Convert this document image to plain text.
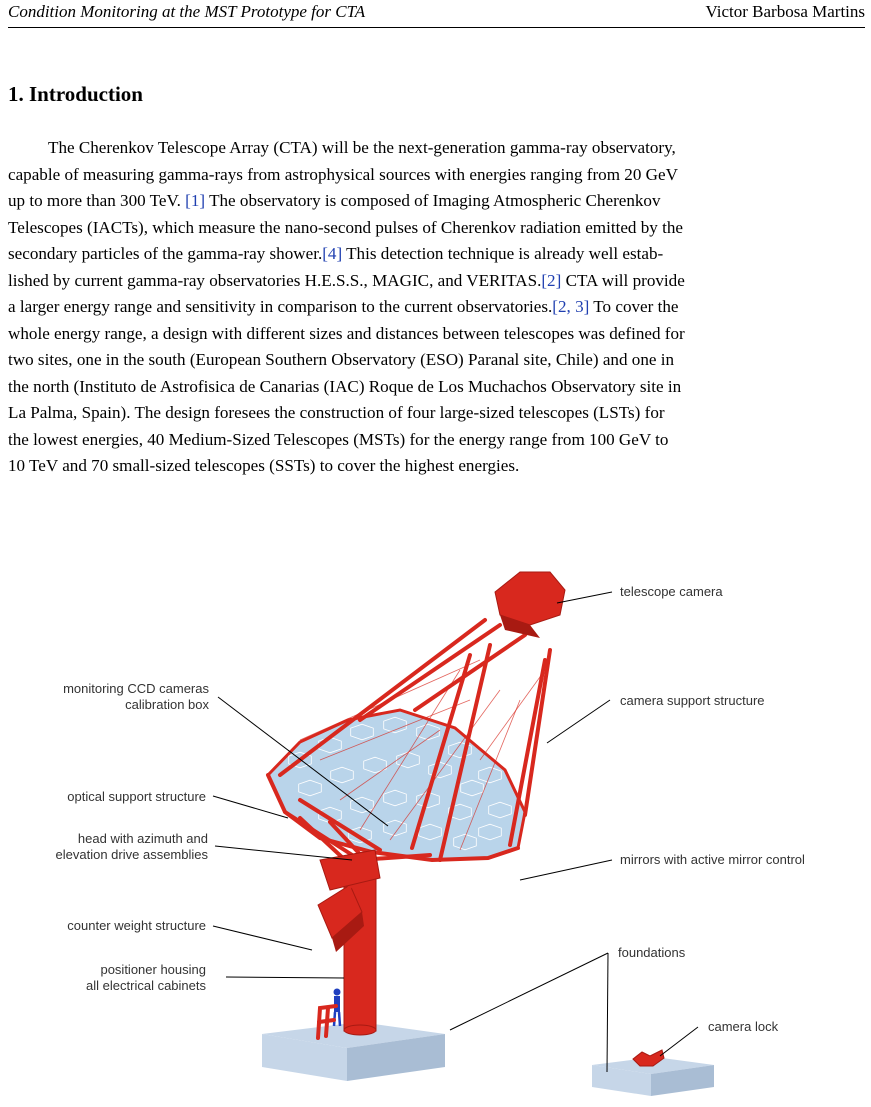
Condition Monitoring at the MST Prototype for CTA	Victor Barbosa Martins
1. Introduction

The Cherenkov Telescope Array (CTA) will be the next-generation gamma-ray observatory,
capable of measuring gamma-rays from astrophysical sources with energies ranging from 20 GeV
up to more than 300 TeV. [1] The observatory is composed of Imaging Atmospheric Cherenkov
Telescopes (IACTs), which measure the nano-second pulses of Cherenkov radiation emitted by the
secondary particles of the gamma-ray shower.[4] This detection technique is already well estab-
lished by current gamma-ray observatories H.E.S.S., MAGIC, and VERITAS.[2] CTA will provide
a larger energy range and sensitivity in comparison to the current observatories.[2, 3] To cover the
whole energy range, a design with different sizes and distances between telescopes was defined for
two sites, one in the south (European Southern Observatory (ESO) Paranal site, Chile) and one in
the north (Instituto de Astrofisica de Canarias (IAC) Roque de Los Muchachos Observatory site in
La Palma, Spain). The design foresees the construction of four large-sized telescopes (LSTs) for
the lowest energies, 40 Medium-Sized Telescopes (MSTs) for the energy range from 100 GeV to
10 TeV and 70 small-sized telescopes (SSTs) to cover the highest energies.

telescope camera
camera support structure
monitoring CCD cameras
calibration box
optical support structure
head with azimuth and
elevation drive assemblies	mirrors with active mirror control
counter weight structure
positioner housing
all electrical cabinets
foundations
camera lock
